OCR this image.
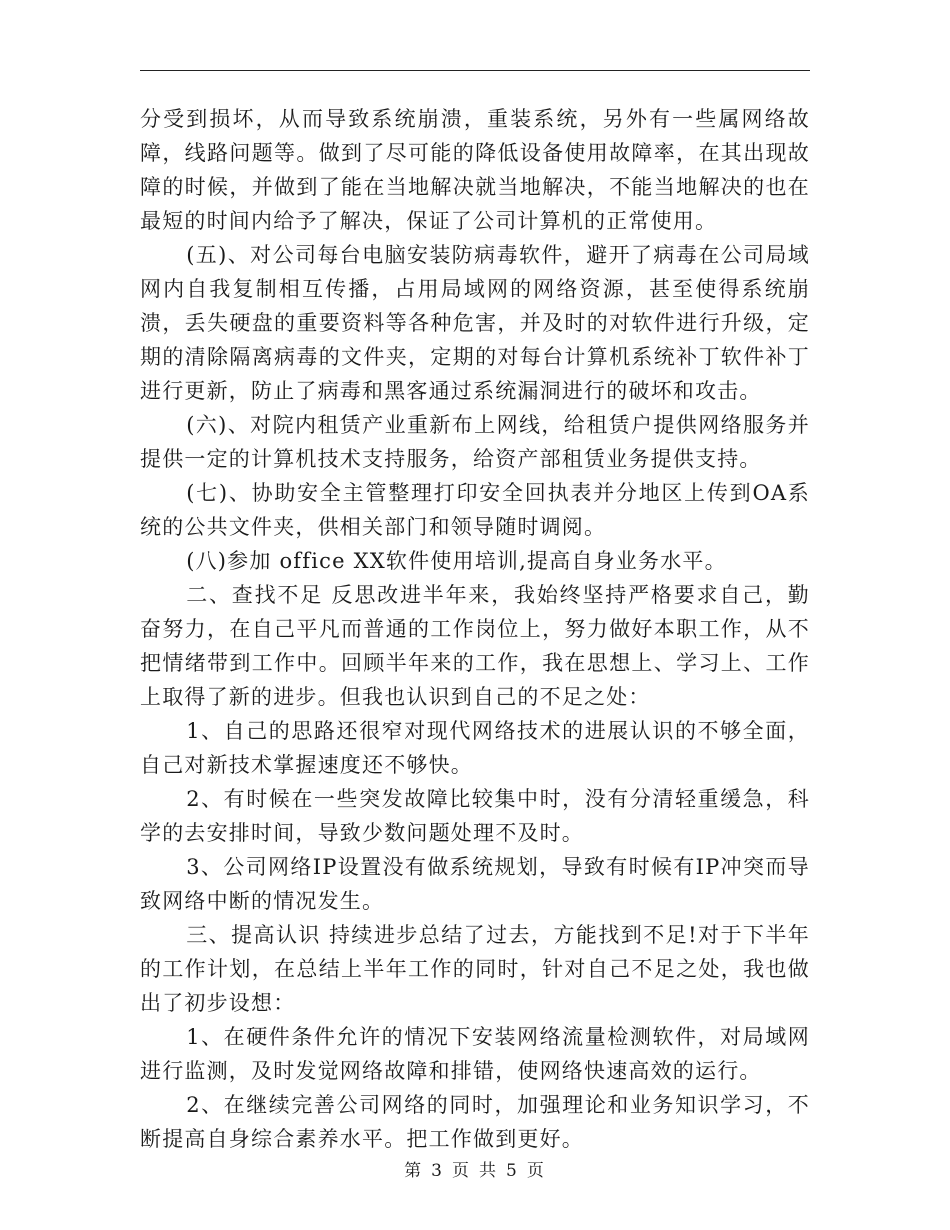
分受到损坏，从而导致系统崩溃，重装系统，另外有一些属网络故障，线路问题等。做到了尽可能的降低设备使用故障率，在其出现故障的时候，并做到了能在当地解决就当地解决，不能当地解决的也在最短的时间内给予了解决，保证了公司计算机的正常使用。

(五)、对公司每台电脑安装防病毒软件，避开了病毒在公司局域网内自我复制相互传播，占用局域网的网络资源，甚至使得系统崩溃，丢失硬盘的重要资料等各种危害，并及时的对软件进行升级，定期的清除隔离病毒的文件夹，定期的对每台计算机系统补丁软件补丁进行更新，防止了病毒和黑客通过系统漏洞进行的破坏和攻击。

(六)、对院内租赁产业重新布上网线，给租赁户提供网络服务并提供一定的计算机技术支持服务，给资产部租赁业务提供支持。

(七)、协助安全主管整理打印安全回执表并分地区上传到OA系统的公共文件夹，供相关部门和领导随时调阅。

(八)参加 office XX软件使用培训,提高自身业务水平。

二、查找不足 反思改进半年来，我始终坚持严格要求自己，勤奋努力，在自己平凡而普通的工作岗位上，努力做好本职工作，从不把情绪带到工作中。回顾半年来的工作，我在思想上、学习上、工作上取得了新的进步。但我也认识到自己的不足之处：

1、自己的思路还很窄对现代网络技术的进展认识的不够全面，自己对新技术掌握速度还不够快。

2、有时候在一些突发故障比较集中时，没有分清轻重缓急，科学的去安排时间，导致少数问题处理不及时。

3、公司网络IP设置没有做系统规划，导致有时候有IP冲突而导致网络中断的情况发生。

三、提高认识 持续进步总结了过去，方能找到不足!对于下半年的工作计划，在总结上半年工作的同时，针对自己不足之处，我也做出了初步设想：

1、在硬件条件允许的情况下安装网络流量检测软件，对局域网进行监测，及时发觉网络故障和排错，使网络快速高效的运行。

2、在继续完善公司网络的同时，加强理论和业务知识学习，不断提高自身综合素养水平。把工作做到更好。

第 3 页 共 5 页
